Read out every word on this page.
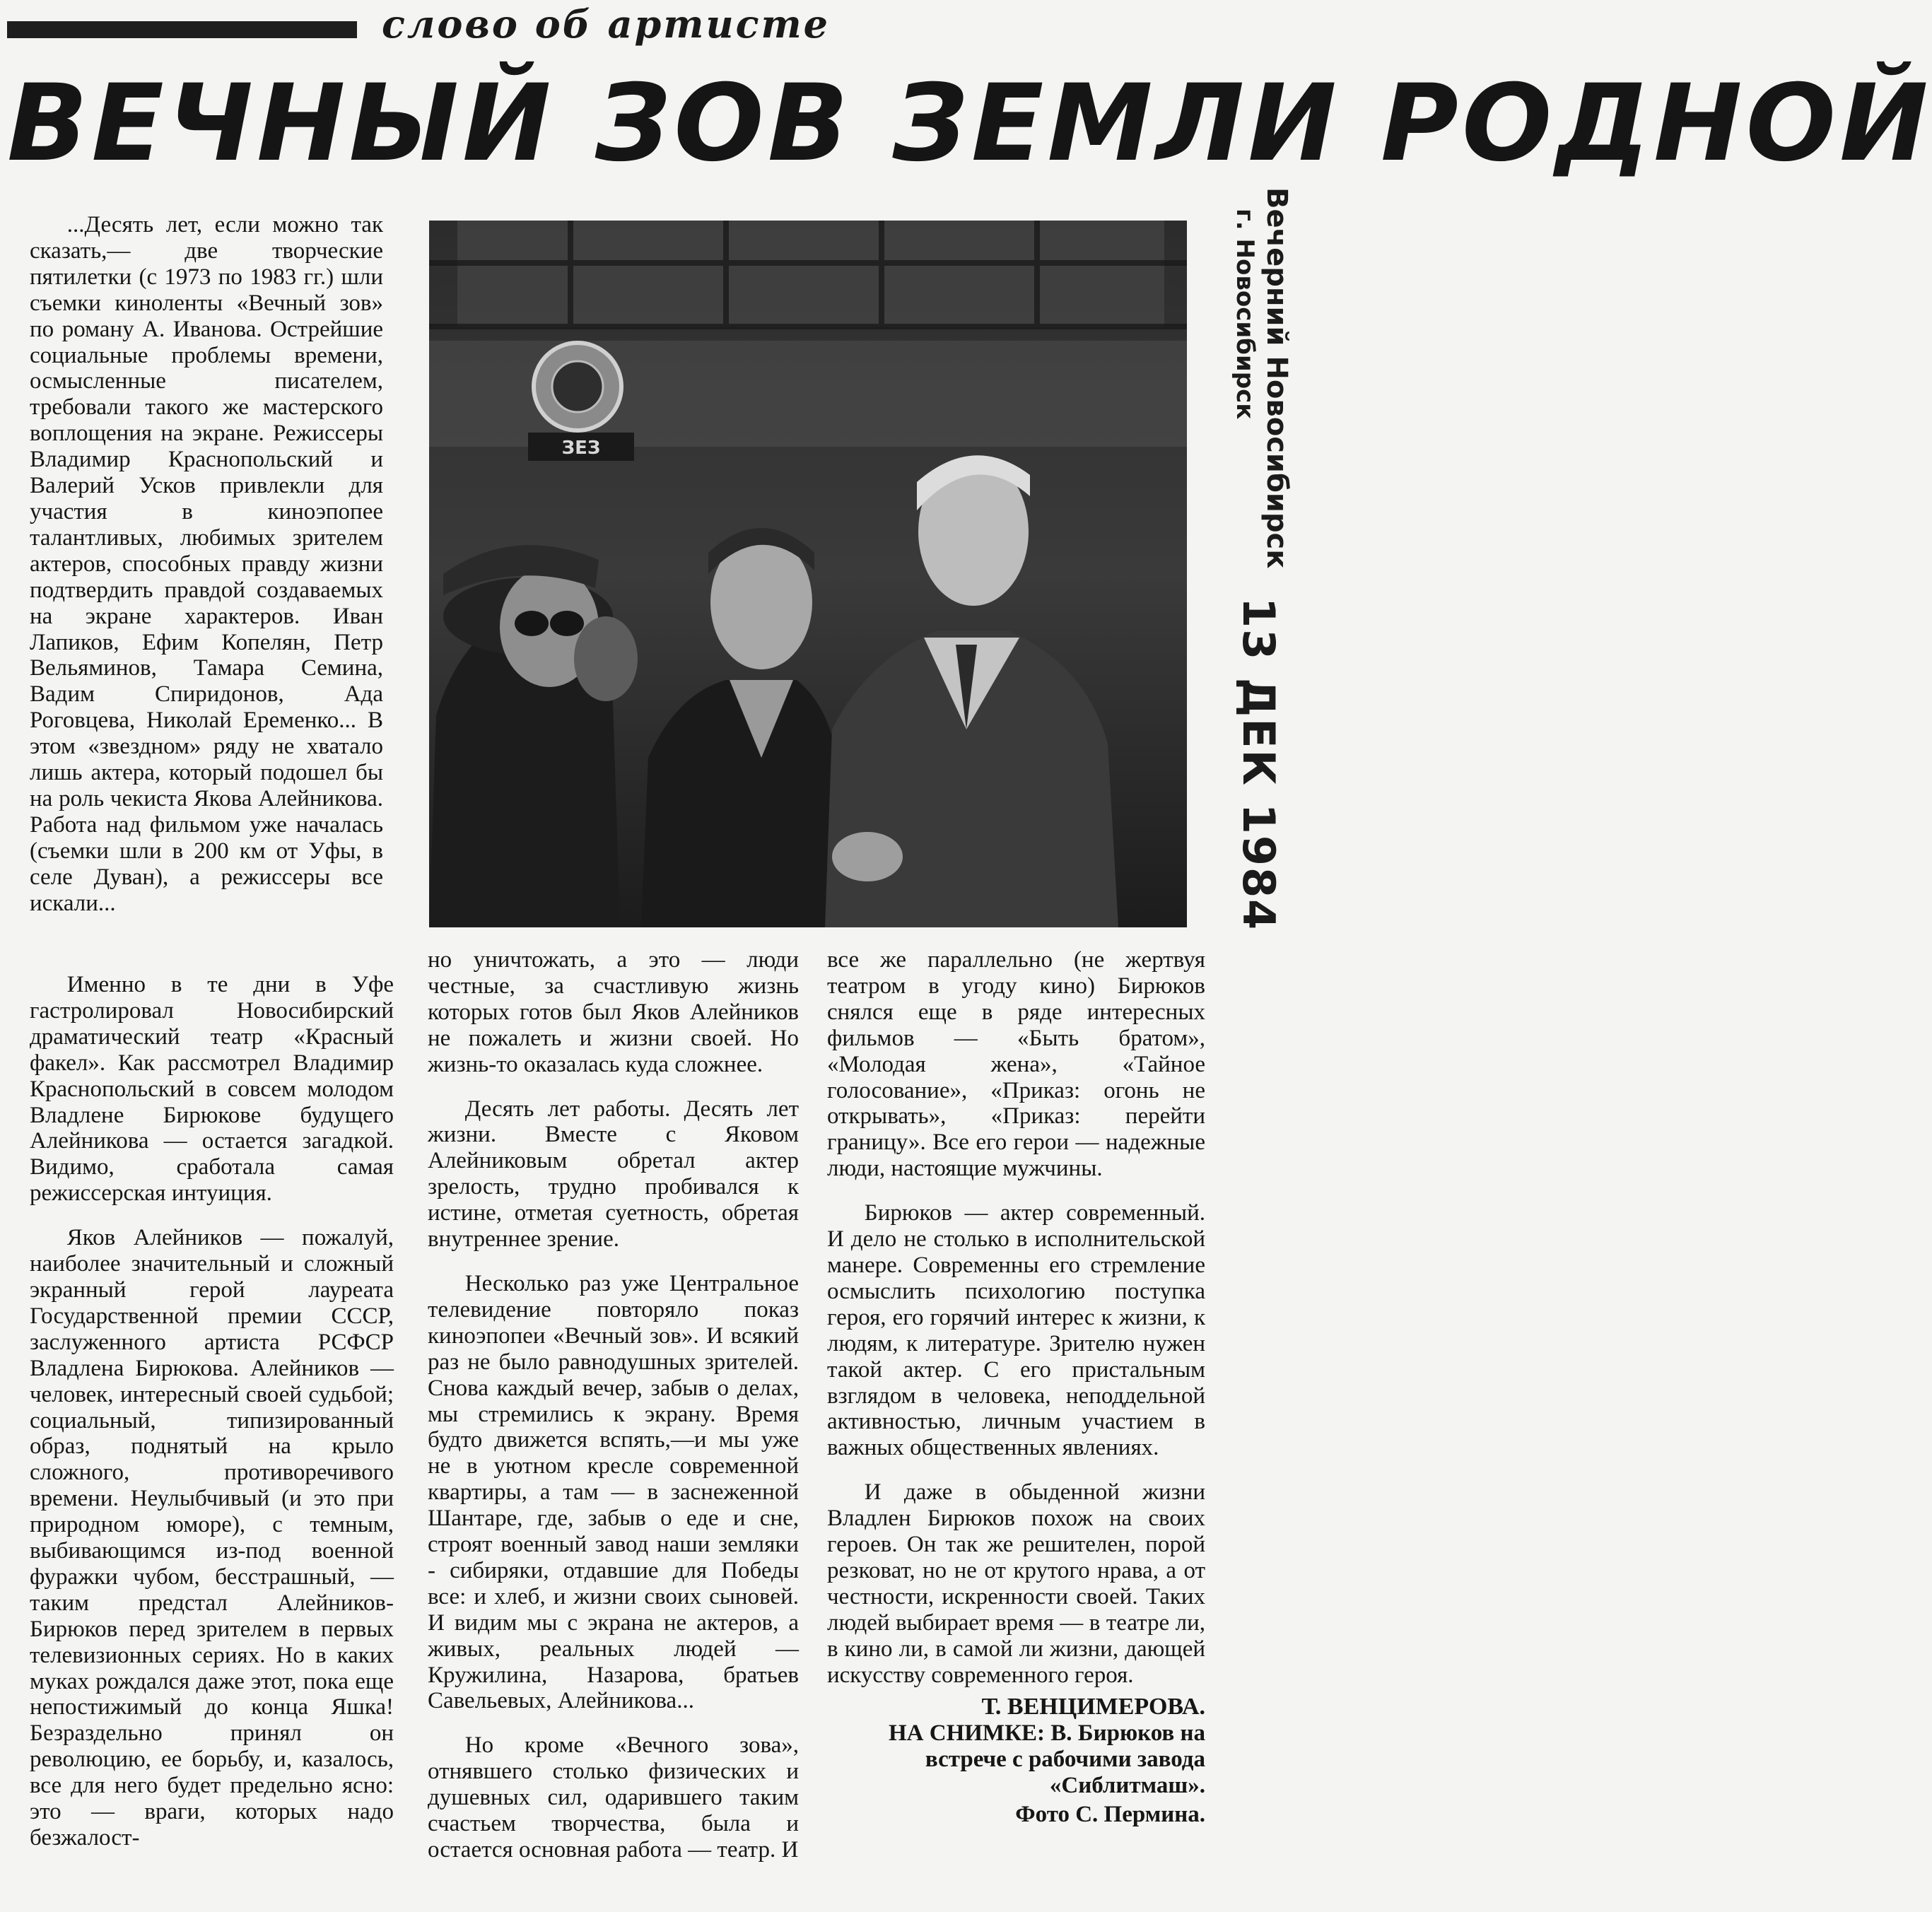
слово об артисте
ВЕЧНЫЙ ЗОВ ЗЕМЛИ РОДНОЙ
ЗЕЗ

...Десять лет, если можно так сказать,— две творческие пятилетки (с 1973 по 1983 гг.) шли съемки киноленты «Вечный зов» по роману А. Иванова. Острейшие социальные проблемы времени, осмысленные писателем, требовали такого же мастерского воплощения на экране. Режиссеры Владимир Краснопольский и Валерий Усков привлекли для участия в киноэпопее талантливых, любимых зрителем актеров, способных правду жизни подтвердить правдой создаваемых на экране характеров. Иван Лапиков, Ефим Копелян, Петр Вельяминов, Тамара Семина, Вадим Спиридонов, Ада Роговцева, Николай Еременко... В этом «звездном» ряду не хватало лишь актера, который подошел бы на роль чекиста Якова Алейникова. Работа над фильмом уже началась (съемки шли в 200 км от Уфы, в селе Дуван), а режиссеры все искали...

Именно в те дни в Уфе гастролировал Новосибирский драматический театр «Красный факел». Как рассмотрел Владимир Краснопольский в совсем молодом Владлене Бирюкове будущего Алейникова — остается загадкой. Видимо, сработала самая режиссерская интуиция.

Яков Алейников — пожалуй, наиболее значительный и сложный экранный герой лауреата Государственной премии СССР, заслуженного артиста РСФСР Владлена Бирюкова. Алейников — человек, интересный своей судьбой; социальный, типизированный образ, поднятый на крыло сложного, противоречивого времени. Неулыбчивый (и это при природном юморе), с темным, выбивающимся из-под военной фуражки чубом, бесстрашный, — таким предстал Алейников-Бирюков перед зрителем в первых телевизионных сериях. Но в каких муках рождался даже этот, пока еще непостижимый до конца Яшка! Безраздельно принял он революцию, ее борьбу, и, казалось, все для него будет предельно ясно: это — враги, которых надо безжалост-

но уничтожать, а это — люди честные, за счастливую жизнь которых готов был Яков Алейников не пожалеть и жизни своей. Но жизнь-то оказалась куда сложнее.

Десять лет работы. Десять лет жизни. Вместе с Яковом Алейниковым обретал актер зрелость, трудно пробивался к истине, отметая суетность, обретая внутреннее зрение.

Несколько раз уже Центральное телевидение повторяло показ киноэпопеи «Вечный зов». И всякий раз не было равнодушных зрителей. Снова каждый вечер, забыв о делах, мы стремились к экрану. Время будто движется вспять,—и мы уже не в уютном кресле современной квартиры, а там — в заснеженной Шантаре, где, забыв о еде и сне, строят военный завод наши земляки - сибиряки, отдавшие для Победы все: и хлеб, и жизни своих сыновей. И видим мы с экрана не актеров, а живых, реальных людей — Кружилина, Назарова, братьев Савельевых, Алейникова...

Но кроме «Вечного зова», отнявшего столько физических и душевных сил, одарившего таким счастьем творчества, была и остается основная работа — театр. И

все же параллельно (не жертвуя театром в угоду кино) Бирюков снялся еще в ряде интересных фильмов — «Быть братом», «Молодая жена», «Тайное голосование», «Приказ: огонь не открывать», «Приказ: перейти границу». Все его герои — надежные люди, настоящие мужчины.

Бирюков — актер современный. И дело не столько в исполнительской манере. Современны его стремление осмыслить психологию поступка героя, его горячий интерес к жизни, к людям, к литературе. Зрителю нужен такой актер. С его пристальным взглядом в человека, неподдельной активностью, личным участием в важных общественных явлениях.

И даже в обыденной жизни Владлен Бирюков похож на своих героев. Он так же решителен, порой резковат, но не от крутого нрава, а от честности, искренности своей. Таких людей выбирает время — в театре ли, в кино ли, в самой ли жизни, дающей искусству современного героя.

Т. ВЕНЦИМЕРОВА.
НА СНИМКЕ: В. Бирюков на встрече с рабочими завода «Сиблитмаш».
Фото С. Пермина.
Вечерний Новосибирск
г. Новосибирск
13 ДЕК 1984
